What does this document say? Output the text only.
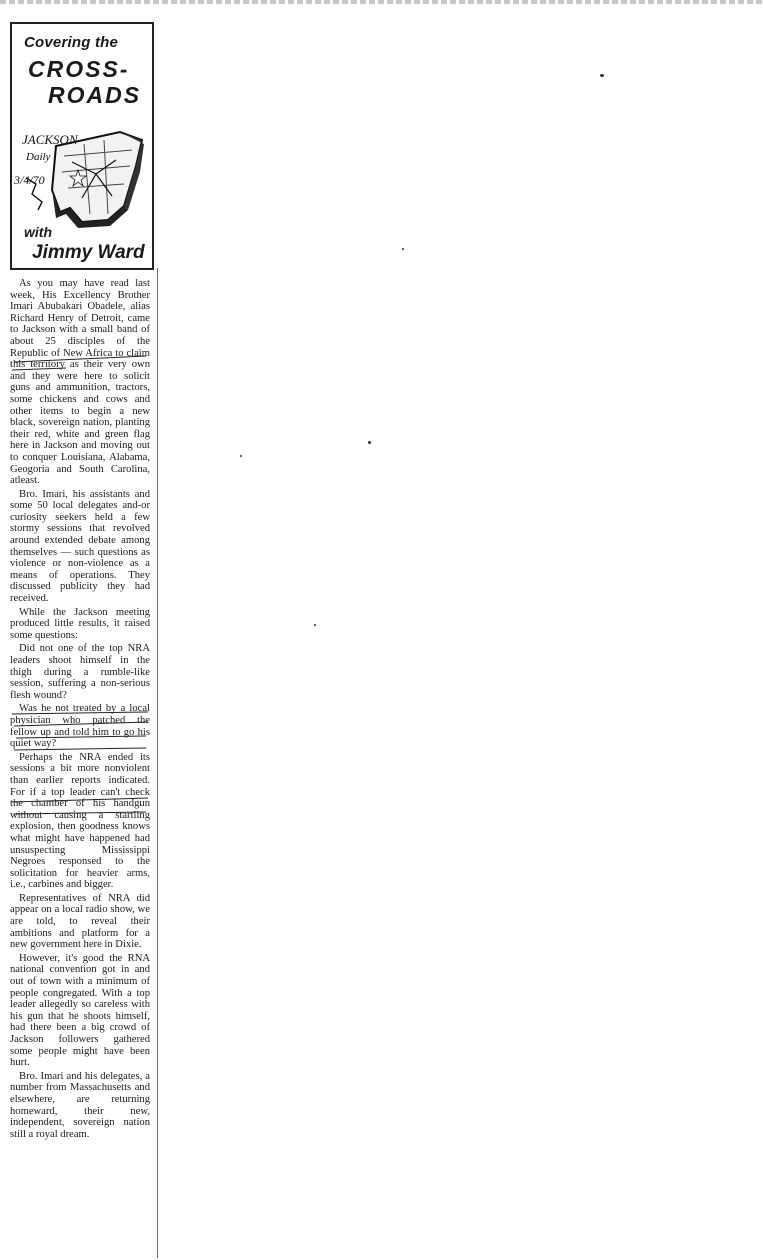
Covering the
CROSS-
ROADS
JACKSON
Daily
3/4/70
with
Jimmy Ward

As you may have read last week, His Excellency Brother Imari Abubakari Obadele, alias Richard Henry of Detroit, came to Jackson with a small band of about 25 disciples of the Republic of New Africa to claim this territory as their very own and they were here to solicit guns and ammunition, tractors, some chickens and cows and other items to begin a new black, sovereign nation, planting their red, white and green flag here in Jackson and moving out to conquer Louisiana, Alabama, Geogoria and South Carolina, atleast.

Bro. Imari, his assistants and some 50 local delegates and-or curiosity seekers held a few stormy sessions that revolved around extended debate among themselves — such questions as violence or non-violence as a means of operations. They discussed publicity they had received.

While the Jackson meeting produced little results, it raised some questions:

Did not one of the top NRA leaders shoot himself in the thigh during a rumble-like session, suffering a non-serious flesh wound?

Was he not treated by a local physician who patched the fellow up and told him to go his quiet way?

Perhaps the NRA ended its sessions a bit more nonviolent than earlier reports indicated. For if a top leader can't check the chamber of his handgun without causing a startling explosion, then goodness knows what might have happened had unsuspecting Mississippi Negroes responsed to the solicitation for heavier arms, i.e., carbines and bigger.

Representatives of NRA did appear on a local radio show, we are told, to reveal their ambitions and platform for a new government here in Dixie.

However, it's good the RNA national convention got in and out of town with a minimum of people congregated. With a top leader allegedly so careless with his gun that he shoots himself, had there been a big crowd of Jackson followers gathered some people might have been hurt.

Bro. Imari and his delegates, a number from Massachusetts and elsewhere, are returning homeward, their new, independent, sovereign nation still a royal dream.
